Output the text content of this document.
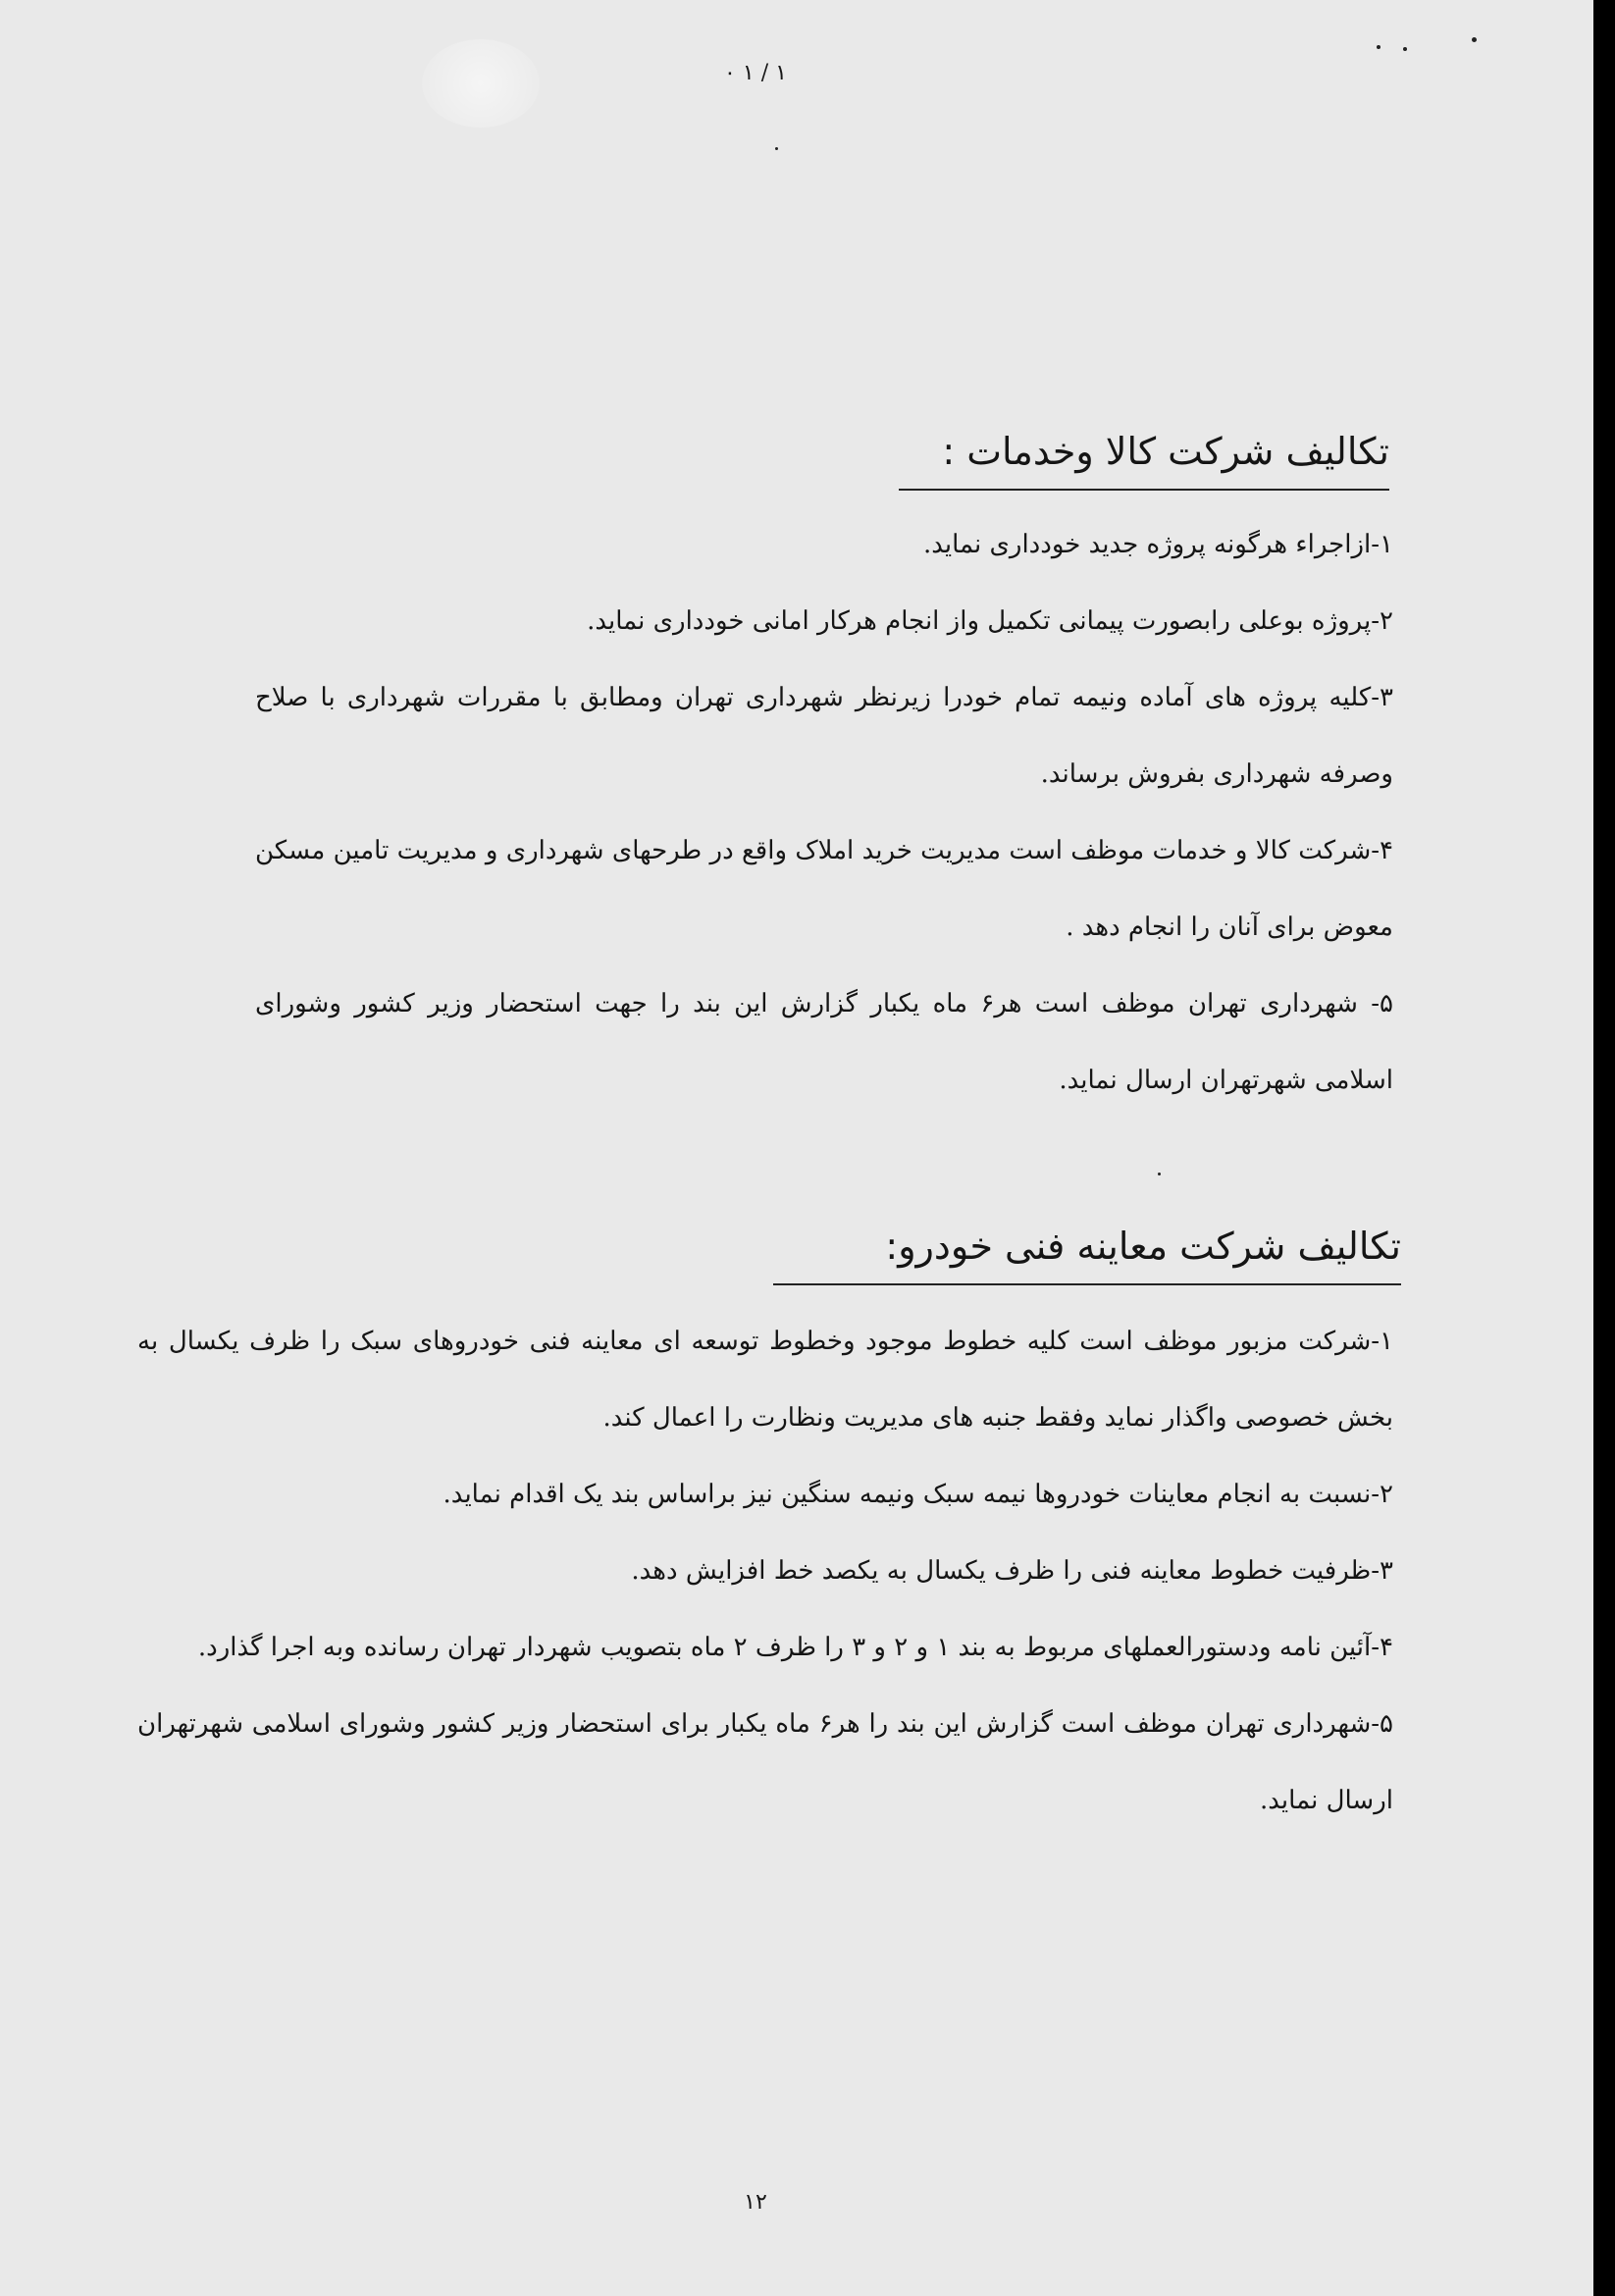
۱ / ۱ ۰
تکالیف شرکت کالا وخدمات :

۱-ازاجراء هرگونه پروژه جدید خودداری نماید.

۲-پروژه بوعلی رابصورت پیمانی تکمیل واز انجام هرکار امانی خودداری نماید.

۳-کلیه پروژه های آماده ونیمه تمام خودرا زیرنظر شهرداری تهران ومطابق با مقررات شهرداری با صلاح وصرفه شهرداری بفروش برساند.

۴-شرکت کالا و خدمات موظف است مدیریت خرید املاک واقع در طرحهای شهرداری و مدیریت تامین مسکن معوض برای آنان را انجام دهد .

۵- شهرداری تهران موظف است هر۶ ماه یکبار گزارش این بند را جهت استحضار وزیر کشور وشورای اسلامی شهرتهران ارسال نماید.

تکالیف شرکت معاینه فنی خودرو:

۱-شرکت مزبور موظف است کلیه خطوط موجود وخطوط توسعه ای معاینه فنی خودروهای سبک را ظرف یکسال به بخش خصوصی واگذار نماید وفقط جنبه های مدیریت ونظارت را اعمال کند.

۲-نسبت به انجام معاینات خودروها نیمه سبک ونیمه سنگین نیز براساس بند یک اقدام نماید.

۳-ظرفیت خطوط معاینه فنی را ظرف یکسال به یکصد خط افزایش دهد.

۴-آئین نامه ودستورالعملهای مربوط به بند ۱ و ۲ و ۳ را ظرف ۲ ماه بتصویب شهردار تهران رسانده وبه اجرا گذارد.

۵-شهرداری تهران موظف است گزارش این بند را هر۶ ماه یکبار برای استحضار وزیر کشور وشورای اسلامی شهرتهران ارسال نماید.

۱۲
